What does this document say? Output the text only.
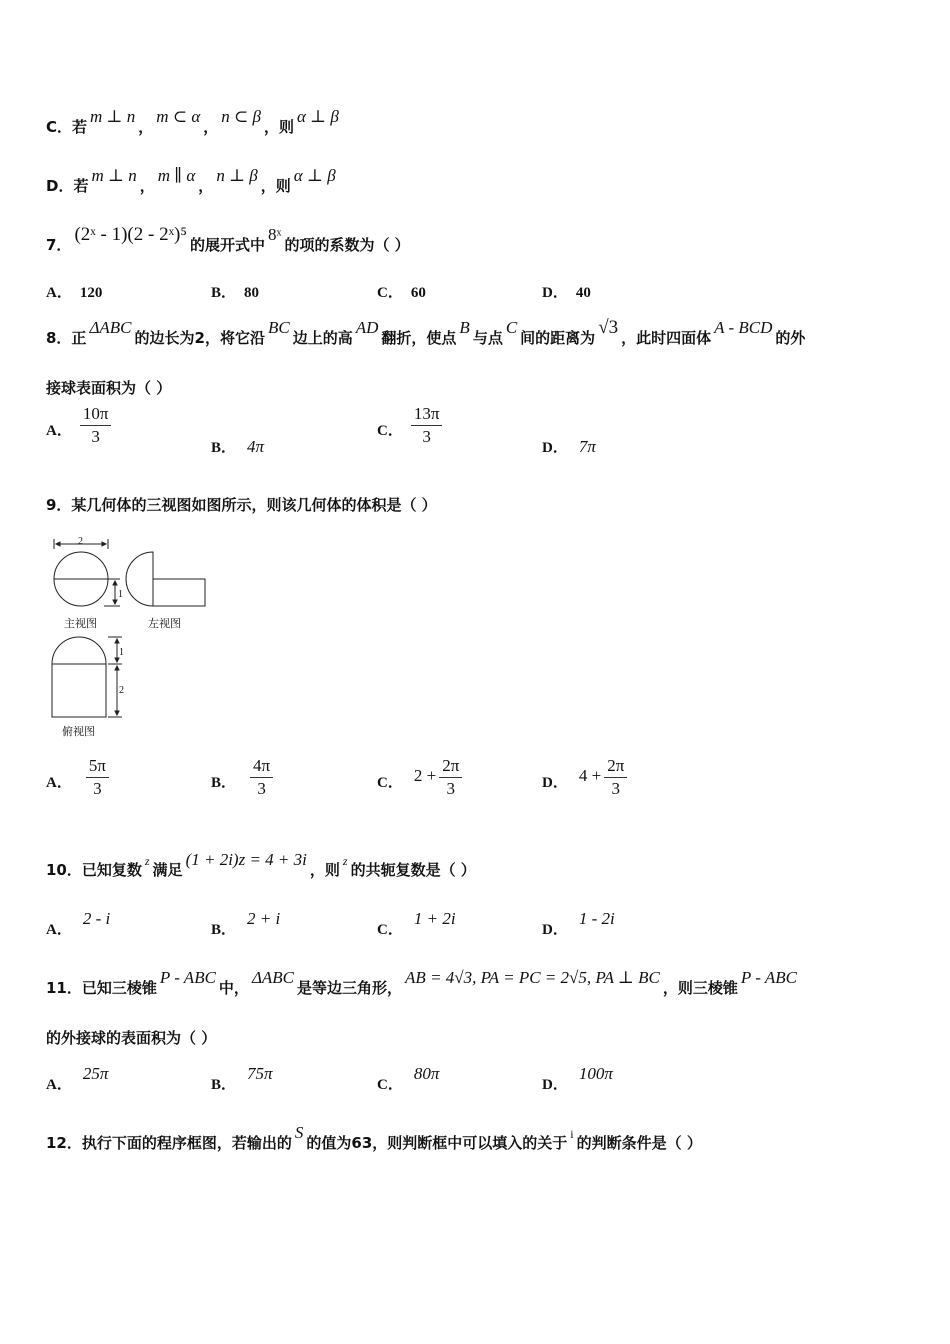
C．若m ⊥ n，m ⊂ α，n ⊂ β，则α ⊥ β
D．若m ⊥ n，m ∥ α，n ⊥ β，则α ⊥ β
7． (2ˣ - 1)(2 - 2ˣ)⁵ 的展开式中8ˣ的项的系数为（ ）
A． 120	B． 80	C． 60	D． 40
8．正ΔABC的边长为2，将它沿BC边上的高AD翻折，使点B与点C间的距离为 √3 ，此时四面体A - BCD的外
接球表面积为（ ）
A． $\frac{10\pi}{3}$
B． 4π
C． $\frac{13\pi}{3}$
D． 7π
9．某几何体的三视图如图所示，则该几何体的体积是（ ）
2
1
1
2
主视图	左视图
俯视图
A． $\frac{5\pi}{3}$	B． $\frac{4\pi}{3}$	C． $2 + \frac{2\pi}{3}$	D． $4 + \frac{2\pi}{3}$
10．已知复数 $^z$ 满足(1 + 2i)z = 4 + 3i，则 $^z$ 的共轭复数是（ ）
A．2 - i
B．2 + i
C．1 + 2i
D．1 - 2i
11．已知三棱锥P - ABC中，ΔABC是等边三角形，AB = 4√3, PA = PC = 2√5, PA ⊥ BC，则三棱锥P - ABC
的外接球的表面积为（ ）
A．25π
B．75π
C．80π
D．100π
12．执行下面的程序框图，若输出的S的值为63，则判断框中可以填入的关于 $^i$ 的判断条件是（ ）
